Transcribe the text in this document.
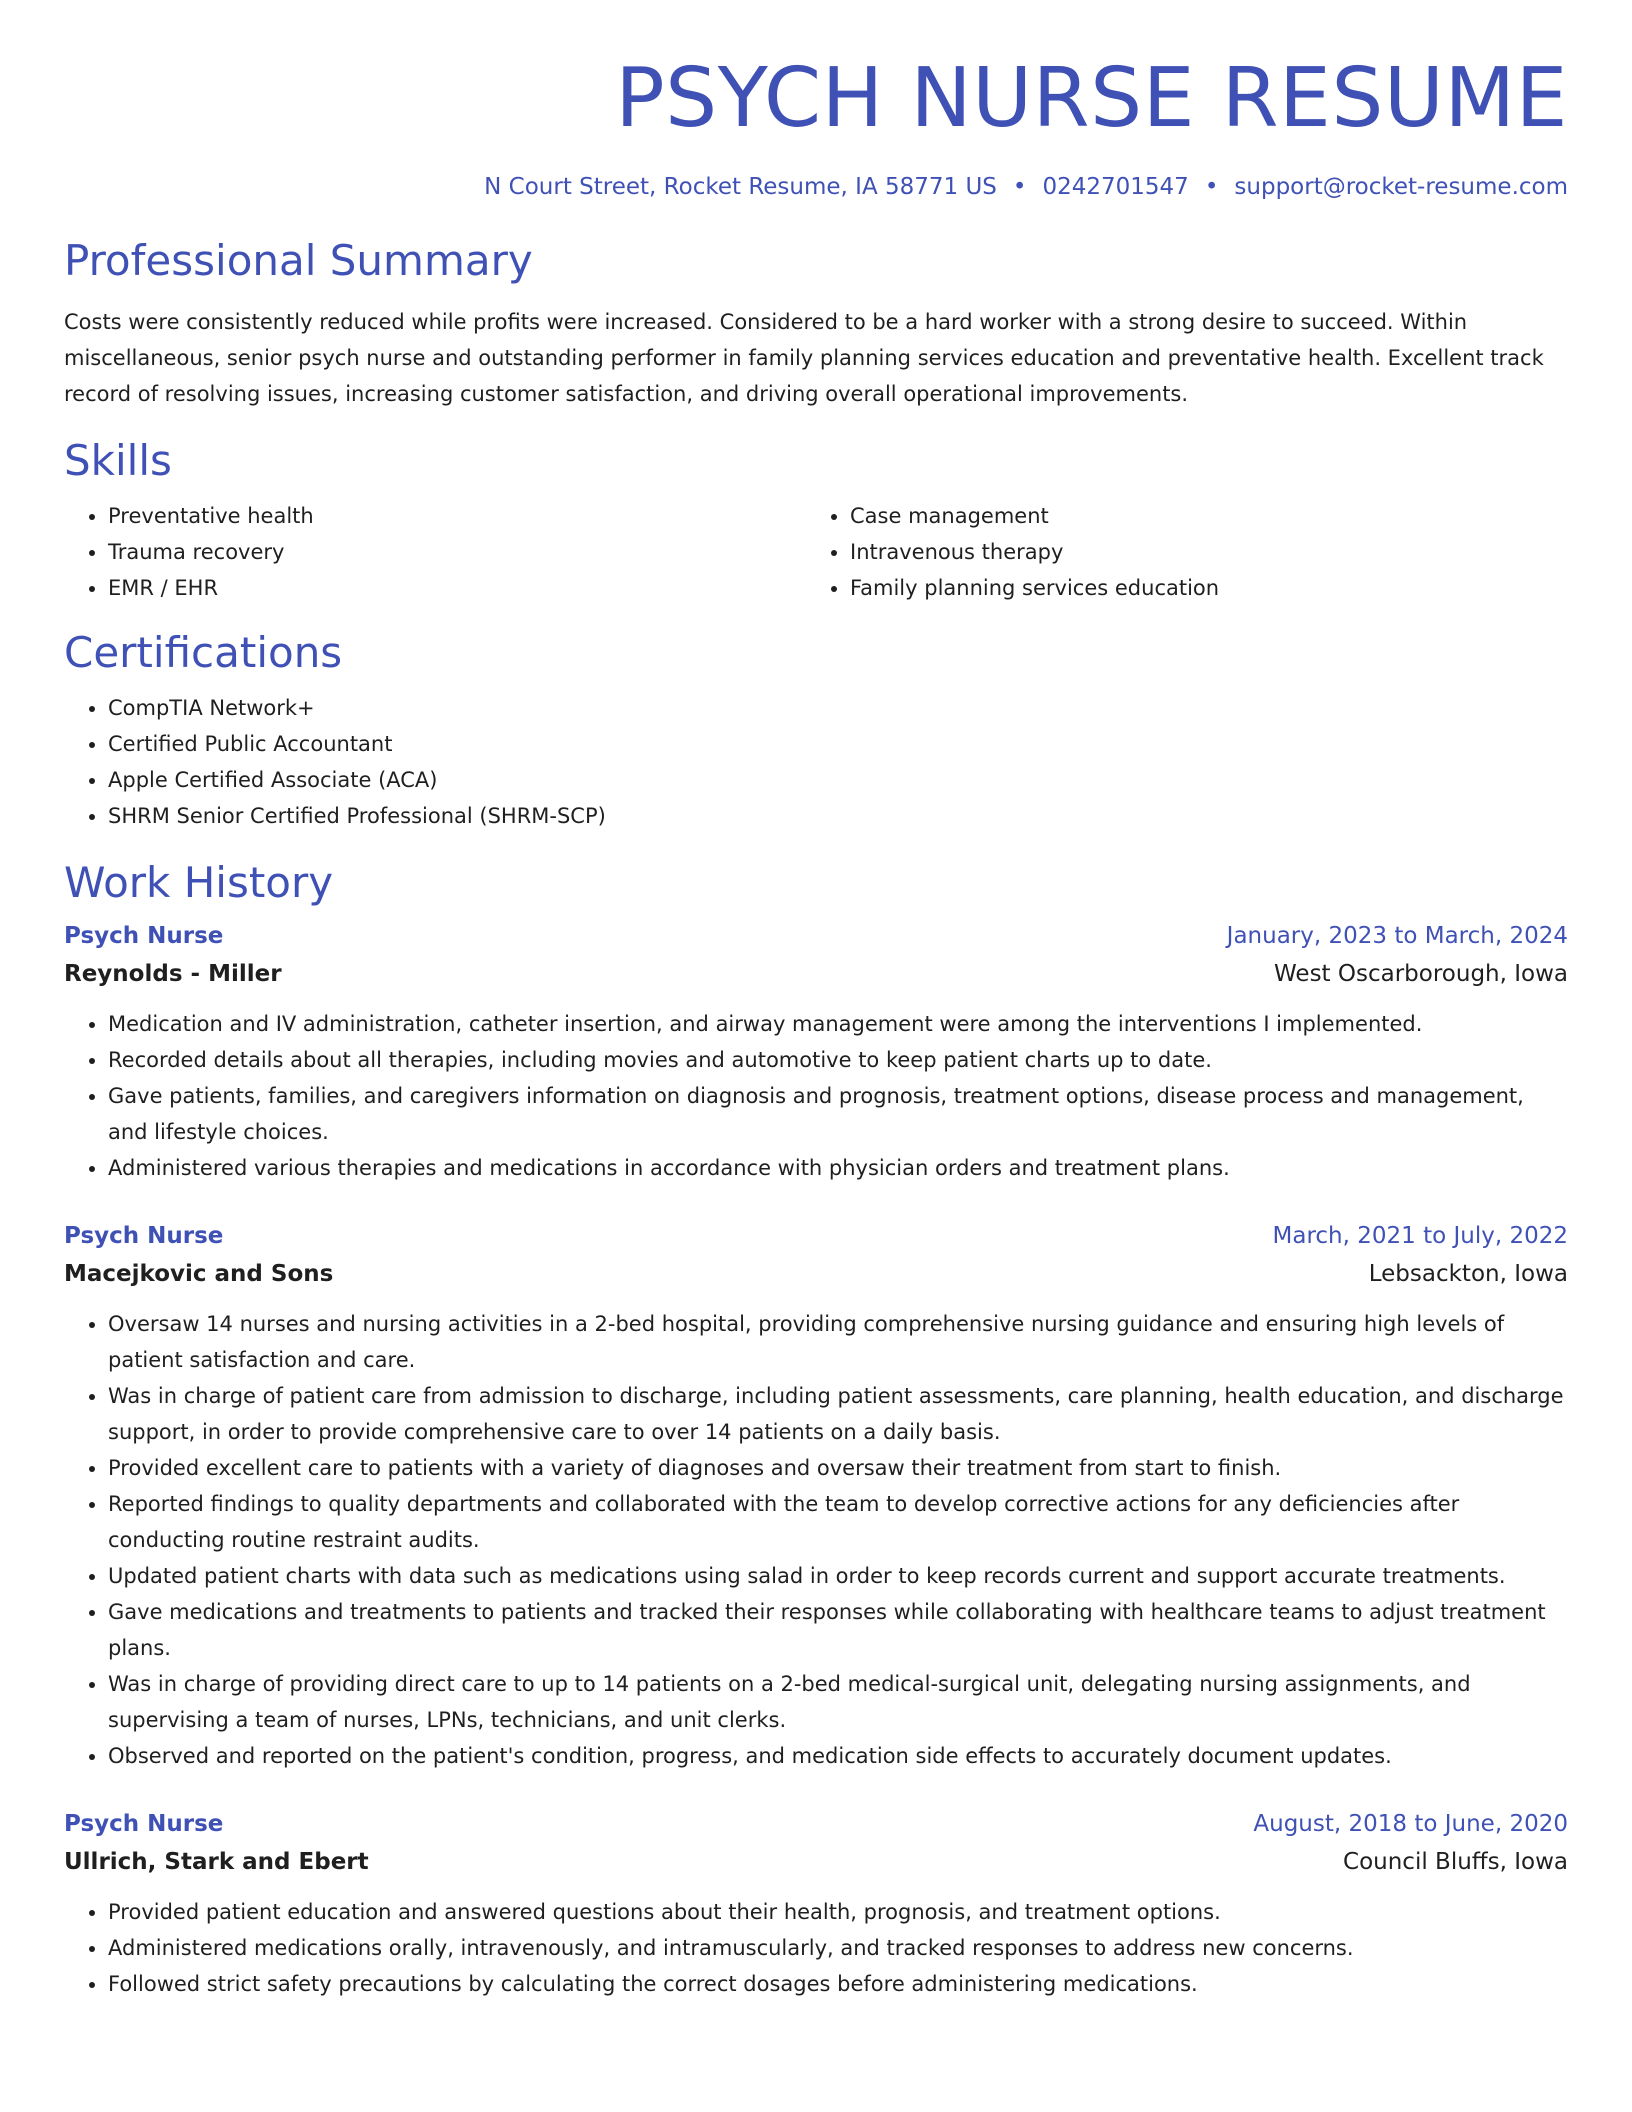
PSYCH NURSE RESUME
N Court Street, Rocket Resume, IA 58771 US • 0242701547 • support@rocket-resume.com
Professional Summary

Costs were consistently reduced while profits were increased. Considered to be a hard worker with a strong desire to succeed. Within miscellaneous, senior psych nurse and outstanding performer in family planning services education and preventative health. Excellent track record of resolving issues, increasing customer satisfaction, and driving overall operational improvements.

Skills
• Preventative health
• Trauma recovery
• EMR / EHR
• Case management
• Intravenous therapy
• Family planning services education
Certifications
• CompTIA Network+
• Certified Public Accountant
• Apple Certified Associate (ACA)
• SHRM Senior Certified Professional (SHRM-SCP)
Work History
Psych Nurse	January, 2023 to March, 2024
Reynolds - Miller	West Oscarborough, Iowa
• Medication and IV administration, catheter insertion, and airway management were among the interventions I implemented.
• Recorded details about all therapies, including movies and automotive to keep patient charts up to date.
• Gave patients, families, and caregivers information on diagnosis and prognosis, treatment options, disease process and management, and lifestyle choices.
• Administered various therapies and medications in accordance with physician orders and treatment plans.
Psych Nurse	March, 2021 to July, 2022
Macejkovic and Sons	Lebsackton, Iowa
• Oversaw 14 nurses and nursing activities in a 2-bed hospital, providing comprehensive nursing guidance and ensuring high levels of patient satisfaction and care.
• Was in charge of patient care from admission to discharge, including patient assessments, care planning, health education, and discharge support, in order to provide comprehensive care to over 14 patients on a daily basis.
• Provided excellent care to patients with a variety of diagnoses and oversaw their treatment from start to finish.
• Reported findings to quality departments and collaborated with the team to develop corrective actions for any deficiencies after conducting routine restraint audits.
• Updated patient charts with data such as medications using salad in order to keep records current and support accurate treatments.
• Gave medications and treatments to patients and tracked their responses while collaborating with healthcare teams to adjust treatment plans.
• Was in charge of providing direct care to up to 14 patients on a 2-bed medical-surgical unit, delegating nursing assignments, and supervising a team of nurses, LPNs, technicians, and unit clerks.
• Observed and reported on the patient's condition, progress, and medication side effects to accurately document updates.
Psych Nurse	August, 2018 to June, 2020
Ullrich, Stark and Ebert	Council Bluffs, Iowa
• Provided patient education and answered questions about their health, prognosis, and treatment options.
• Administered medications orally, intravenously, and intramuscularly, and tracked responses to address new concerns.
• Followed strict safety precautions by calculating the correct dosages before administering medications.
